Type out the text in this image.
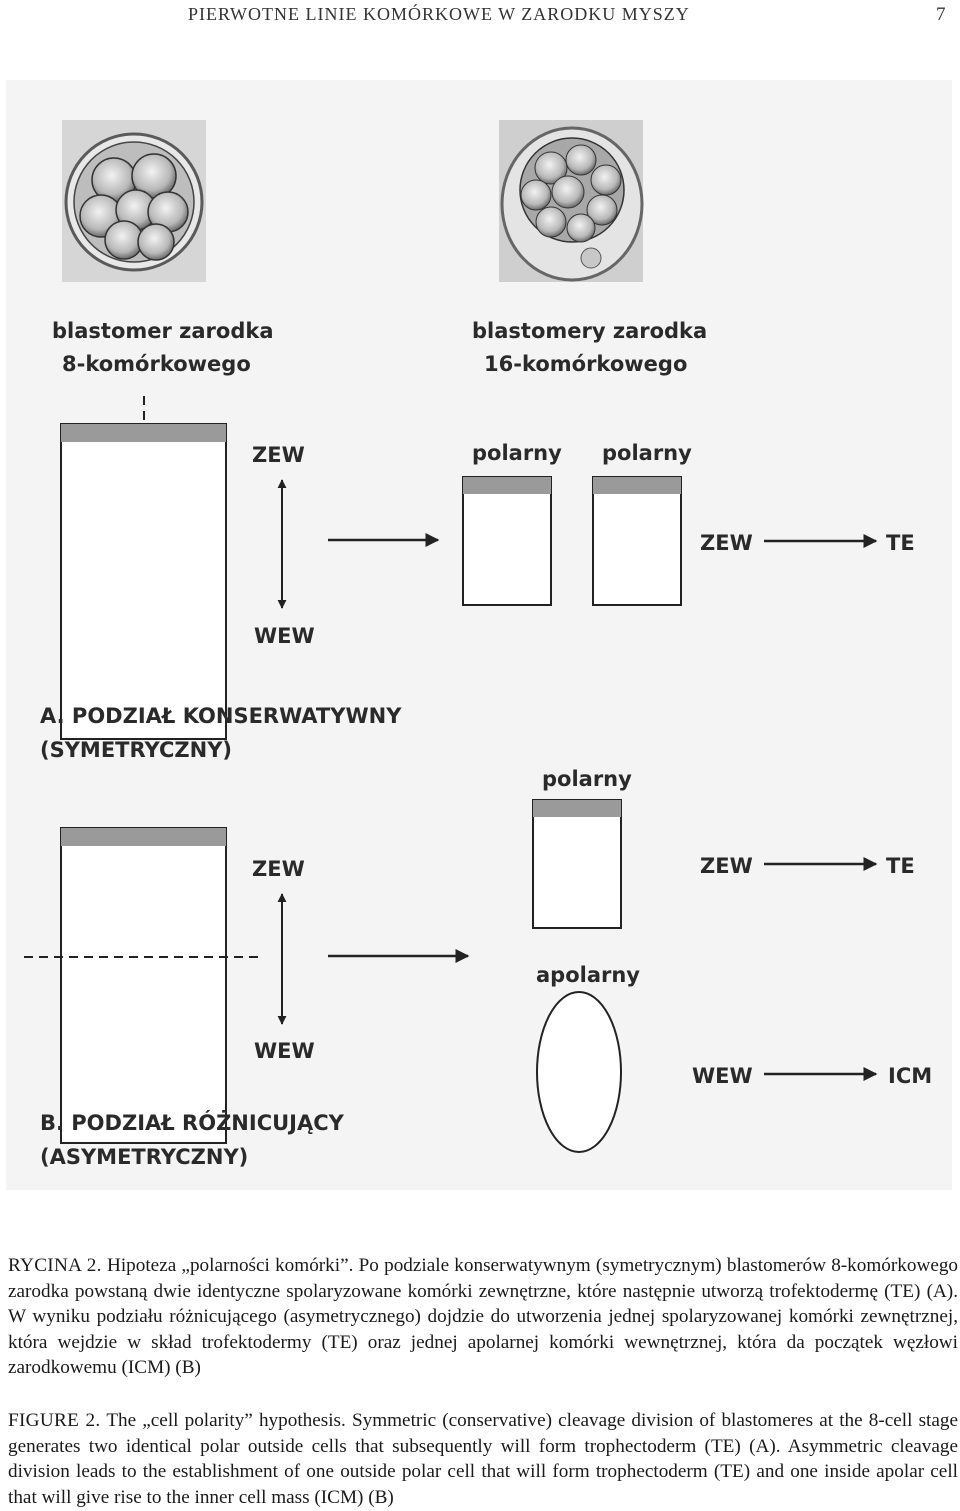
PIERWOTNE LINIE KOMÓRKOWE W ZARODKU MYSZY	7
blastomer zarodka
8-komórkowego
blastomery zarodka
16-komórkowego
ZEW
WEW
polarny polarny
ZEW	TE
A. PODZIAŁ KONSERWATYWNY
(SYMETRYCZNY)
ZEW
WEW
polarny
apolarny
ZEW	TE
WEW	ICM
B. PODZIAŁ RÓŻNICUJĄCY
(ASYMETRYCZNY)
RYCINA 2. Hipoteza „polarności komórki”. Po podziale konserwatywnym (symetrycznym) blastomerów 8-komórkowego zarodka powstaną dwie identyczne spolaryzowane komórki zewnętrzne, które następnie utworzą trofektodermę (TE) (A). W wyniku podziału różnicującego (asymetrycznego) dojdzie do utworzenia jednej spolaryzowanej komórki zewnętrznej, która wejdzie w skład trofektodermy (TE) oraz jednej apolarnej komórki wewnętrznej, która da początek węzłowi zarodkowemu (ICM) (B)
FIGURE 2. The „cell polarity” hypothesis. Symmetric (conservative) cleavage division of blastomeres at the 8-cell stage generates two identical polar outside cells that subsequently will form trophectoderm (TE) (A). Asymmetric cleavage division leads to the establishment of one outside polar cell that will form trophectoderm (TE) and one inside apolar cell that will give rise to the inner cell mass (ICM) (B)
